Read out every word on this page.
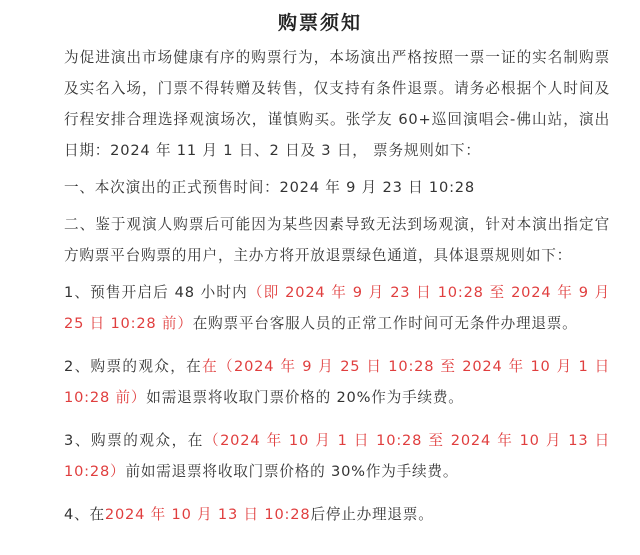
购票须知

为促进演出市场健康有序的购票行为，本场演出严格按照一票一证的实名制购票及实名入场，门票不得转赠及转售，仅支持有条件退票。请务必根据个人时间及行程安排合理选择观演场次，谨慎购买。张学友 60+巡回演唱会-佛山站，演出日期：2024 年 11 月 1 日、2 日及 3 日， 票务规则如下：

一、本次演出的正式预售时间：2024 年 9 月 23 日 10:28

二、鉴于观演人购票后可能因为某些因素导致无法到场观演，针对本演出指定官方购票平台购票的用户，主办方将开放退票绿色通道，具体退票规则如下：

1、预售开启后 48 小时内（即 2024 年 9 月 23 日 10:28 至 2024 年 9 月 25 日 10:28 前）在购票平台客服人员的正常工作时间可无条件办理退票。

2、购票的观众，在在（2024 年 9 月 25 日 10:28 至 2024 年 10 月 1 日 10:28 前）如需退票将收取门票价格的 20%作为手续费。

3、购票的观众，在（2024 年 10 月 1 日 10:28 至 2024 年 10 月 13 日 10:28）前如需退票将收取门票价格的 30%作为手续费。

4、在2024 年 10 月 13 日 10:28后停止办理退票。
